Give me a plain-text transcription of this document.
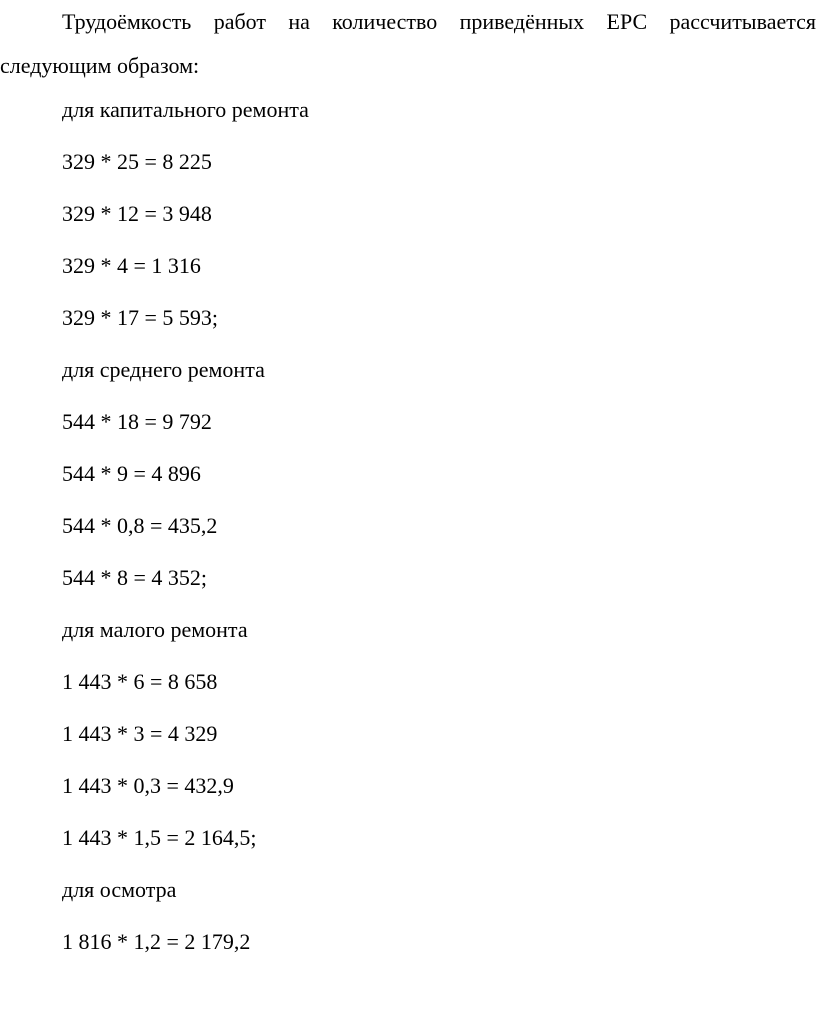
Трудоёмкость работ на количество приведённых ЕРС рассчитывается следующим образом:

для капитального ремонта
329 * 25 = 8 225
329 * 12 = 3 948
329 * 4 = 1 316
329 * 17 = 5 593;
для среднего ремонта
544 * 18 = 9 792
544 * 9 = 4 896
544 * 0,8 = 435,2
544 * 8 = 4 352;
для малого ремонта
1 443 * 6 = 8 658
1 443 * 3 = 4 329
1 443 * 0,3 = 432,9
1 443 * 1,5 = 2 164,5;
для осмотра
1 816 * 1,2 = 2 179,2
